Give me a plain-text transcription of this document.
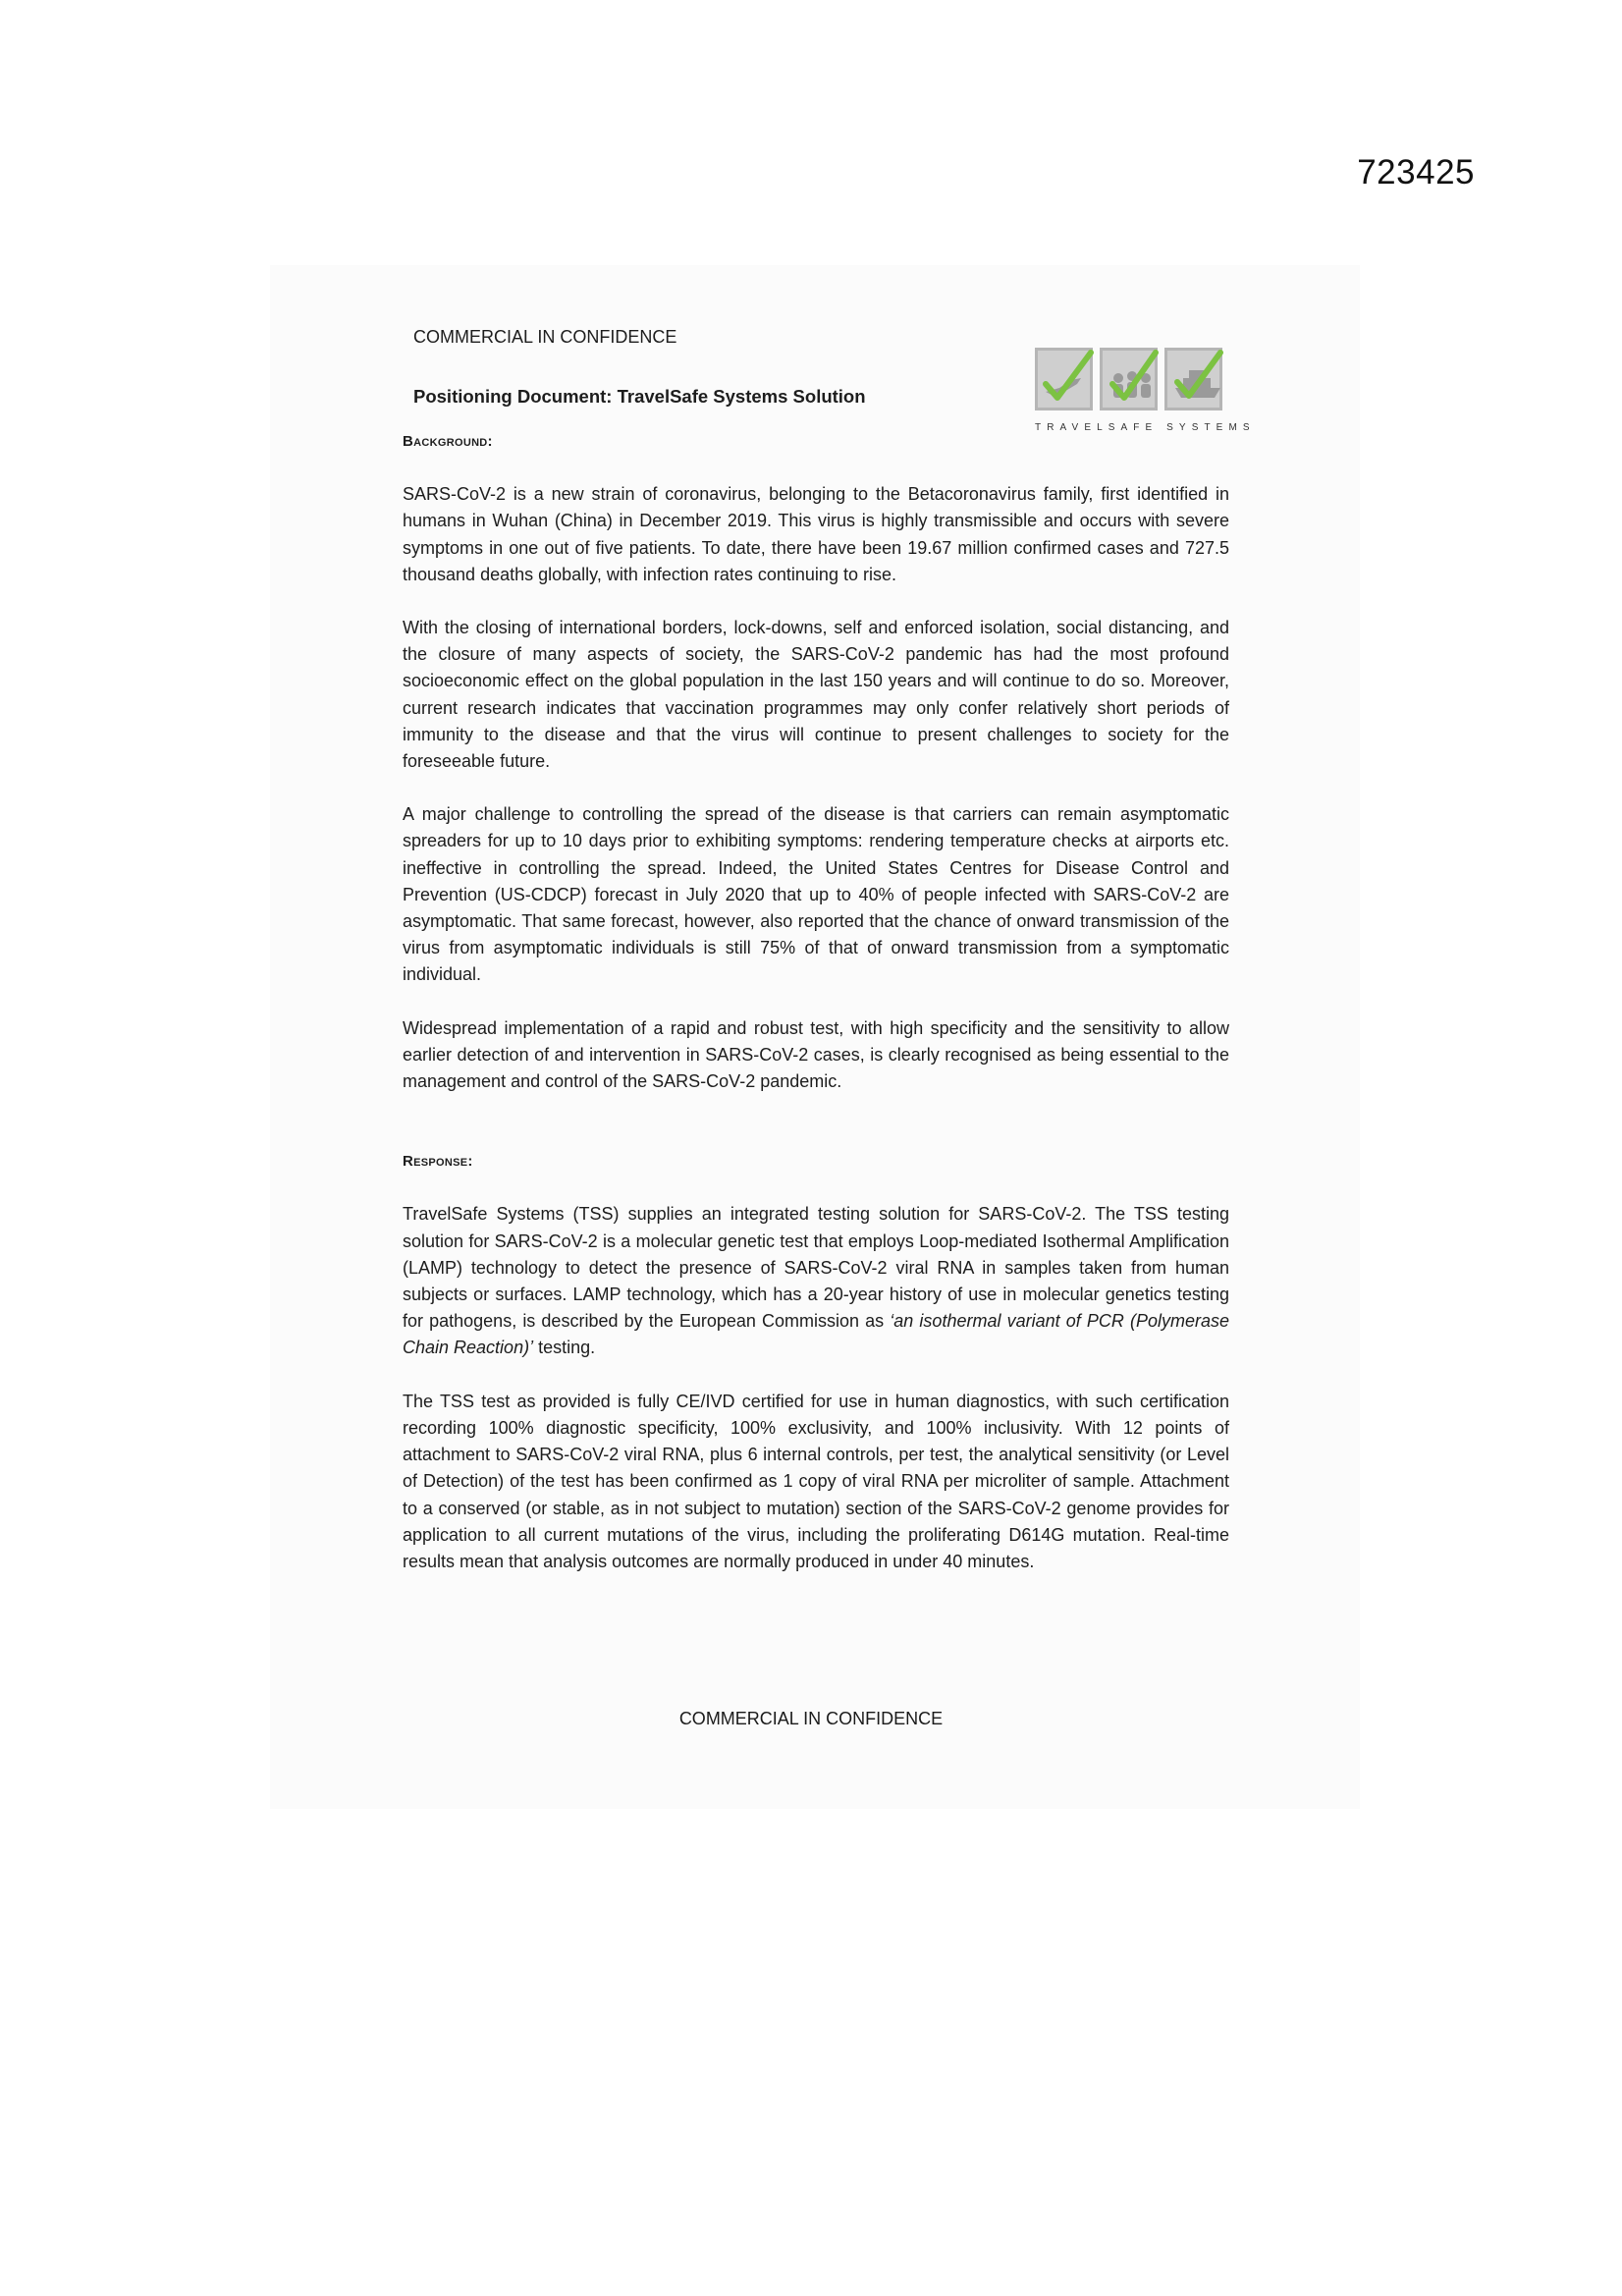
723425
TRAVELSAFE SYSTEMS
COMMERCIAL IN CONFIDENCE
Positioning Document: TravelSafe Systems Solution
Background:

SARS-CoV-2 is a new strain of coronavirus, belonging to the Betacoronavirus family, first identified in humans in Wuhan (China) in December 2019. This virus is highly transmissible and occurs with severe symptoms in one out of five patients. To date, there have been 19.67 million confirmed cases and 727.5 thousand deaths globally, with infection rates continuing to rise.

With the closing of international borders, lock-downs, self and enforced isolation, social distancing, and the closure of many aspects of society, the SARS-CoV-2 pandemic has had the most profound socioeconomic effect on the global population in the last 150 years and will continue to do so. Moreover, current research indicates that vaccination programmes may only confer relatively short periods of immunity to the disease and that the virus will continue to present challenges to society for the foreseeable future.

A major challenge to controlling the spread of the disease is that carriers can remain asymptomatic spreaders for up to 10 days prior to exhibiting symptoms: rendering temperature checks at airports etc. ineffective in controlling the spread. Indeed, the United States Centres for Disease Control and Prevention (US-CDCP) forecast in July 2020 that up to 40% of people infected with SARS-CoV-2 are asymptomatic. That same forecast, however, also reported that the chance of onward transmission of the virus from asymptomatic individuals is still 75% of that of onward transmission from a symptomatic individual.

Widespread implementation of a rapid and robust test, with high specificity and the sensitivity to allow earlier detection of and intervention in SARS-CoV-2 cases, is clearly recognised as being essential to the management and control of the SARS-CoV-2 pandemic.

Response:

TravelSafe Systems (TSS) supplies an integrated testing solution for SARS-CoV-2. The TSS testing solution for SARS-CoV-2 is a molecular genetic test that employs Loop-mediated Isothermal Amplification (LAMP) technology to detect the presence of SARS-CoV-2 viral RNA in samples taken from human subjects or surfaces. LAMP technology, which has a 20-year history of use in molecular genetics testing for pathogens, is described by the European Commission as ‘an isothermal variant of PCR (Polymerase Chain Reaction)’ testing.

The TSS test as provided is fully CE/IVD certified for use in human diagnostics, with such certification recording 100% diagnostic specificity, 100% exclusivity, and 100% inclusivity. With 12 points of attachment to SARS-CoV-2 viral RNA, plus 6 internal controls, per test, the analytical sensitivity (or Level of Detection) of the test has been confirmed as 1 copy of viral RNA per microliter of sample. Attachment to a conserved (or stable, as in not subject to mutation) section of the SARS-CoV-2 genome provides for application to all current mutations of the virus, including the proliferating D614G mutation. Real-time results mean that analysis outcomes are normally produced in under 40 minutes.

COMMERCIAL IN CONFIDENCE
